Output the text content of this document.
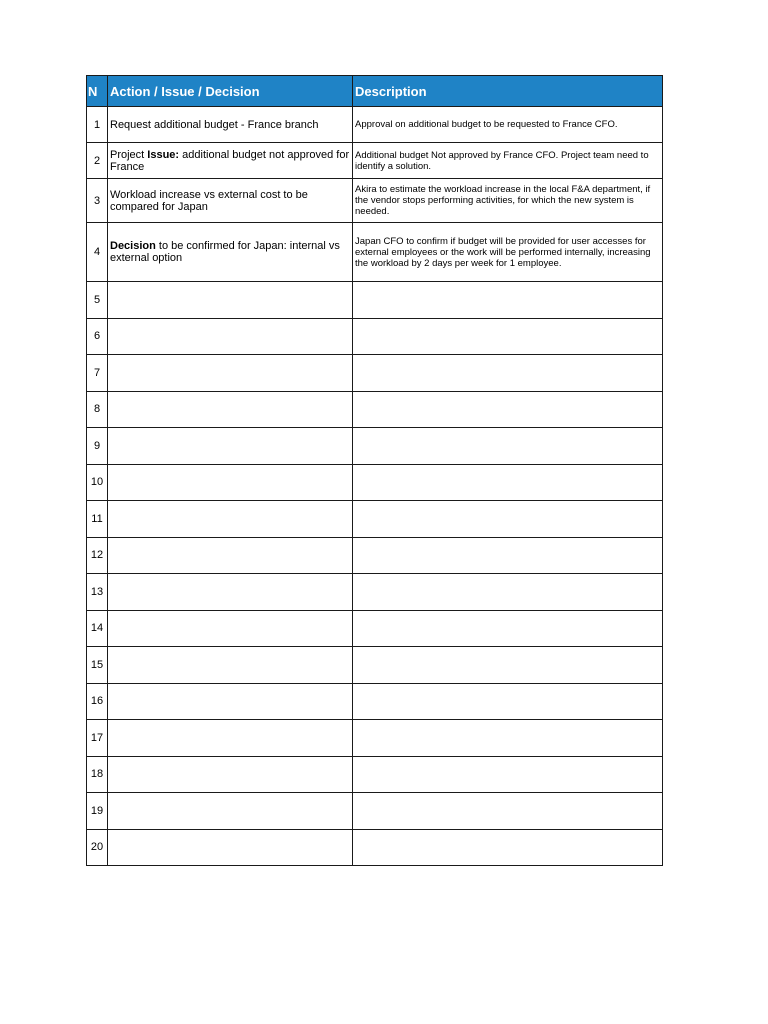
N	Action / Issue / Decision	Description
1	Request additional budget - France branch	Approval on additional budget to be requested to France CFO.
2	Project Issue: additional budget not approved for France	Additional budget Not approved by France CFO. Project team need to identify a solution.
3	Workload increase vs external cost to be compared for Japan	Akira to estimate the workload increase in the local F&A department, if the vendor stops performing activities, for which the new system is needed.
4	Decision to be confirmed for Japan: internal vs external option	Japan CFO to confirm if budget will be provided for user accesses for external employees or the work will be performed internally, increasing the workload by 2 days per week for 1 employee.
5		
6		
7		
8		
9		
10		
11		
12		
13		
14		
15		
16		
17		
18		
19		
20		
